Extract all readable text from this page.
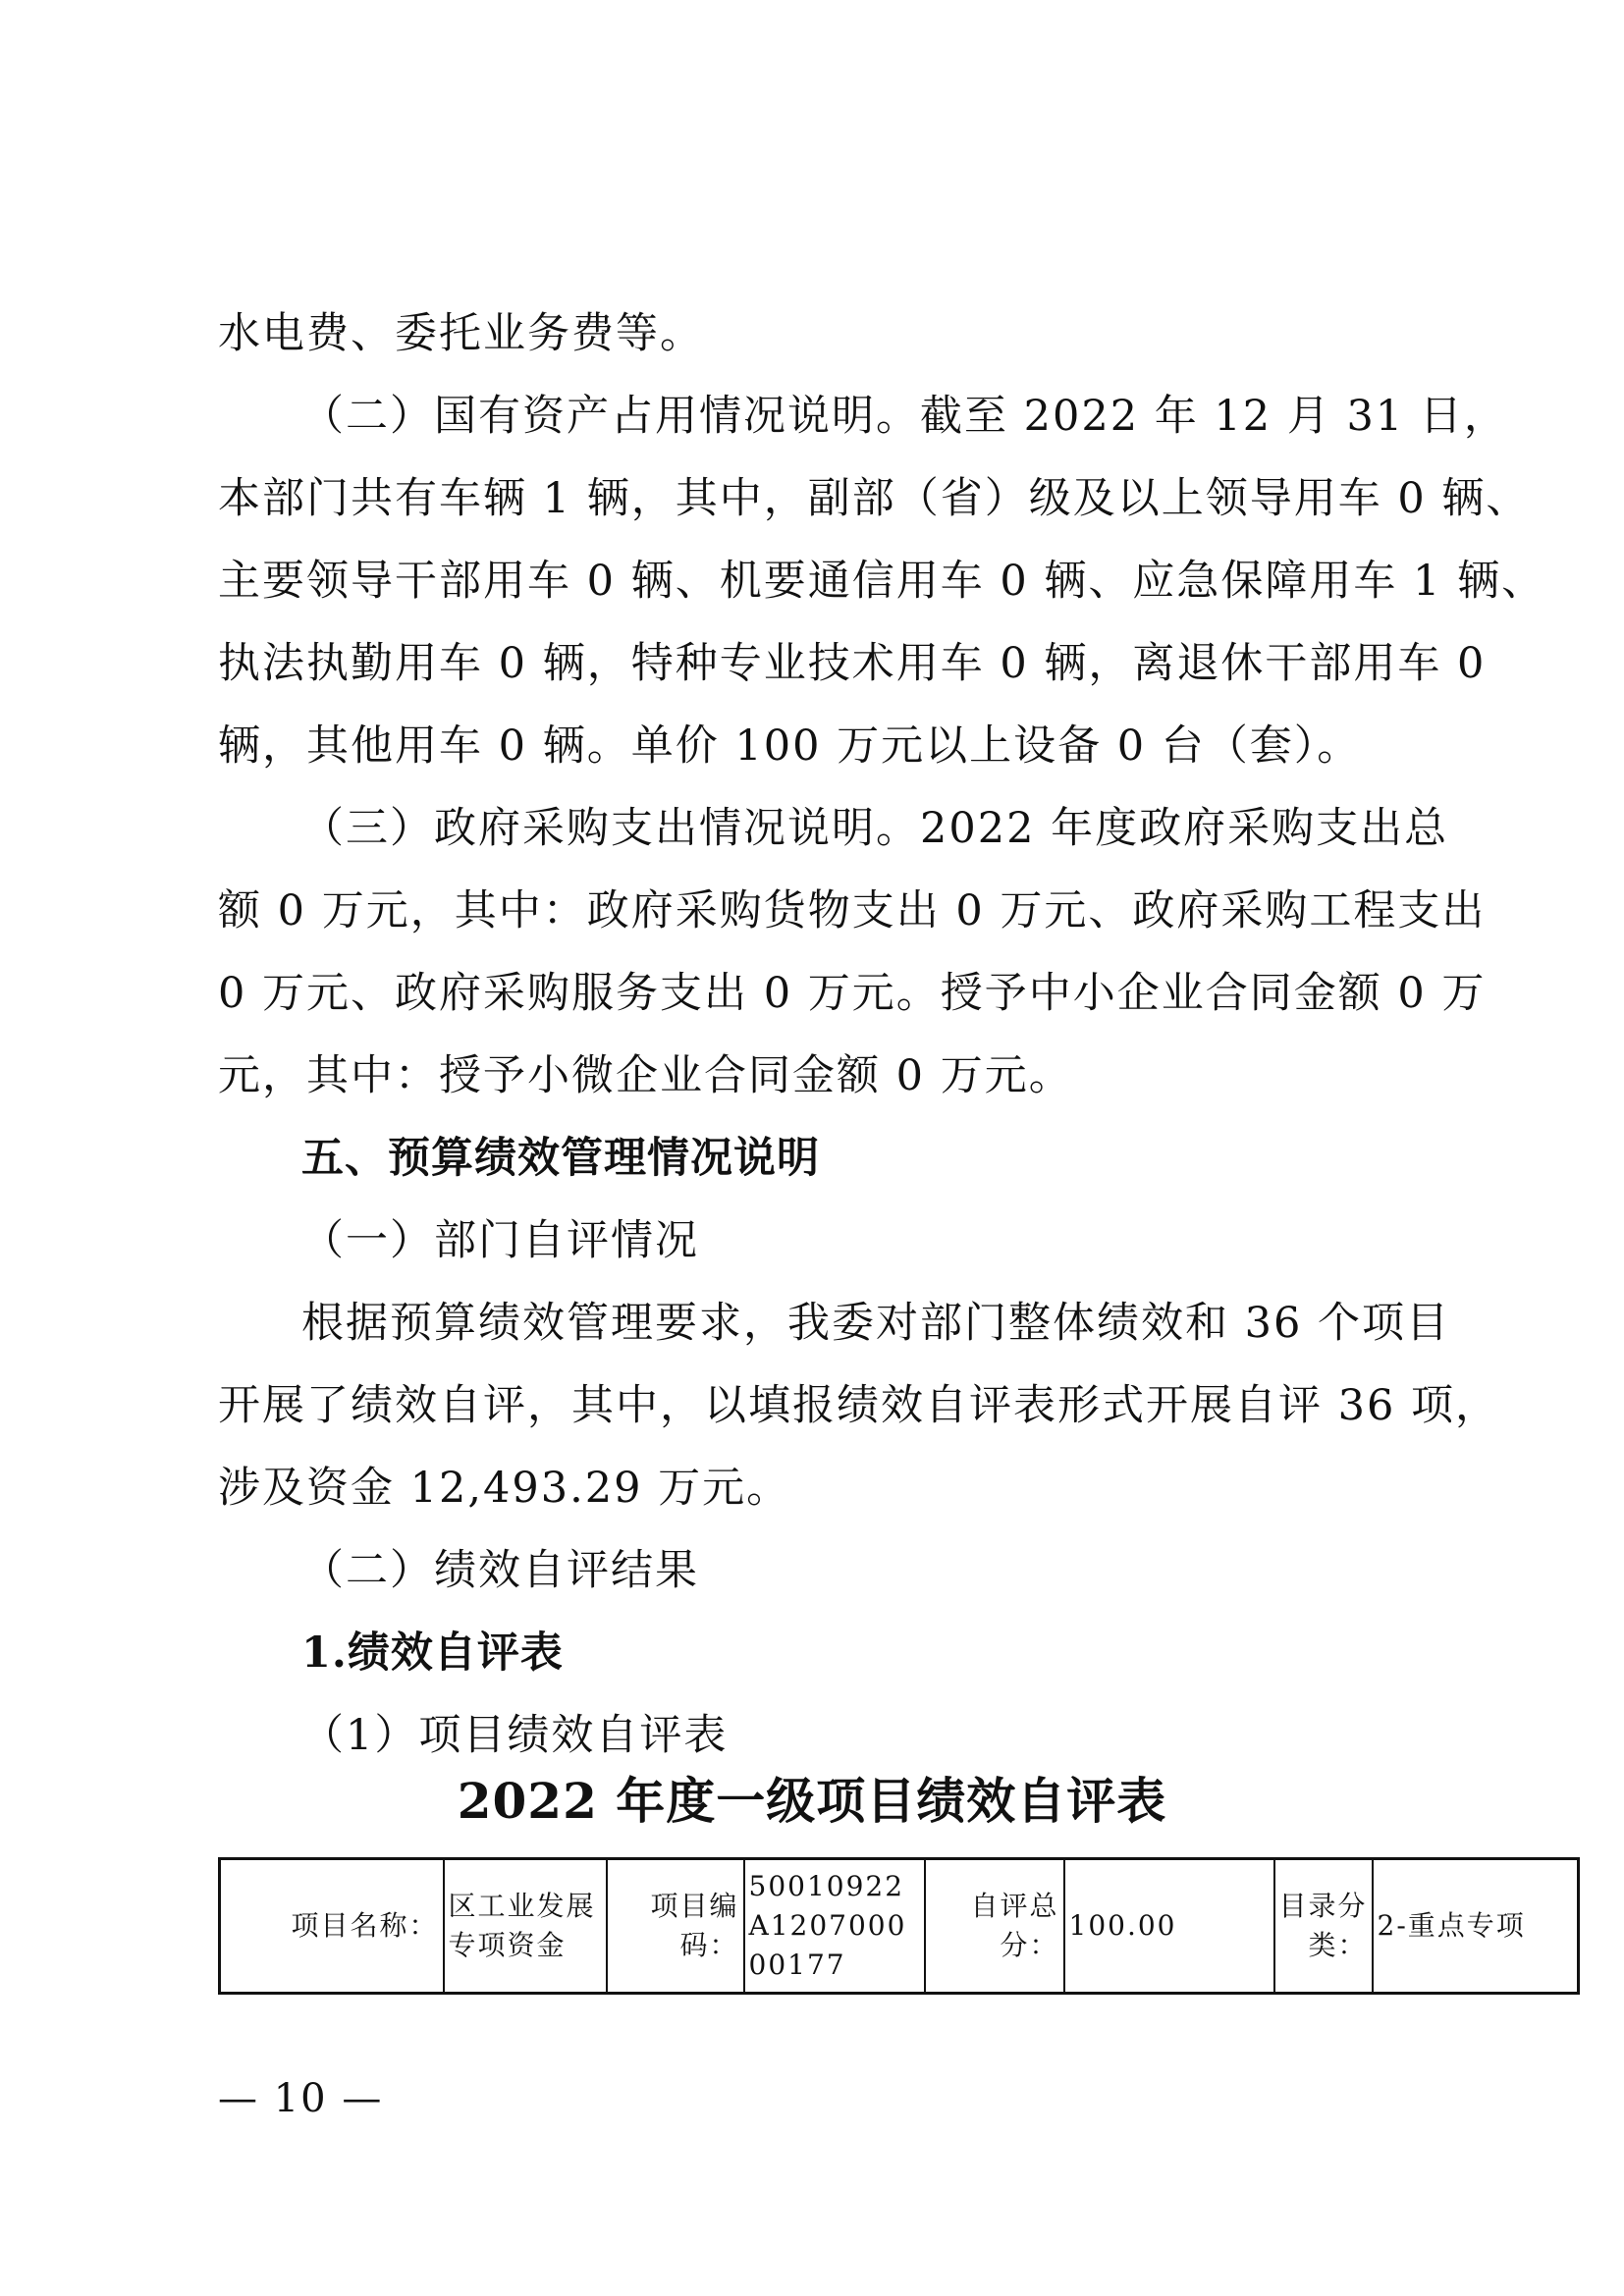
水电费、委托业务费等。
（二）国有资产占用情况说明。截至 2022 年 12 月 31 日，
本部门共有车辆 1 辆，其中，副部（省）级及以上领导用车 0 辆、
主要领导干部用车 0 辆、机要通信用车 0 辆、应急保障用车 1 辆、
执法执勤用车 0 辆，特种专业技术用车 0 辆，离退休干部用车 0
辆，其他用车 0 辆。单价 100 万元以上设备 0 台（套）。
（三）政府采购支出情况说明。2022 年度政府采购支出总
额 0 万元，其中：政府采购货物支出 0 万元、政府采购工程支出
0 万元、政府采购服务支出 0 万元。授予中小企业合同金额 0 万
元，其中：授予小微企业合同金额 0 万元。
五、预算绩效管理情况说明
（一）部门自评情况
根据预算绩效管理要求，我委对部门整体绩效和 36 个项目
开展了绩效自评，其中，以填报绩效自评表形式开展自评 36 项，
涉及资金 12,493.29 万元。
（二）绩效自评结果
1.绩效自评表
（1）项目绩效自评表
2022 年度一级项目绩效自评表
项目名称：	区工业发展专项资金	项目编码：	50010922A120700000177	自评总分：	100.00	目录分类：	2-重点专项
— 10 —
